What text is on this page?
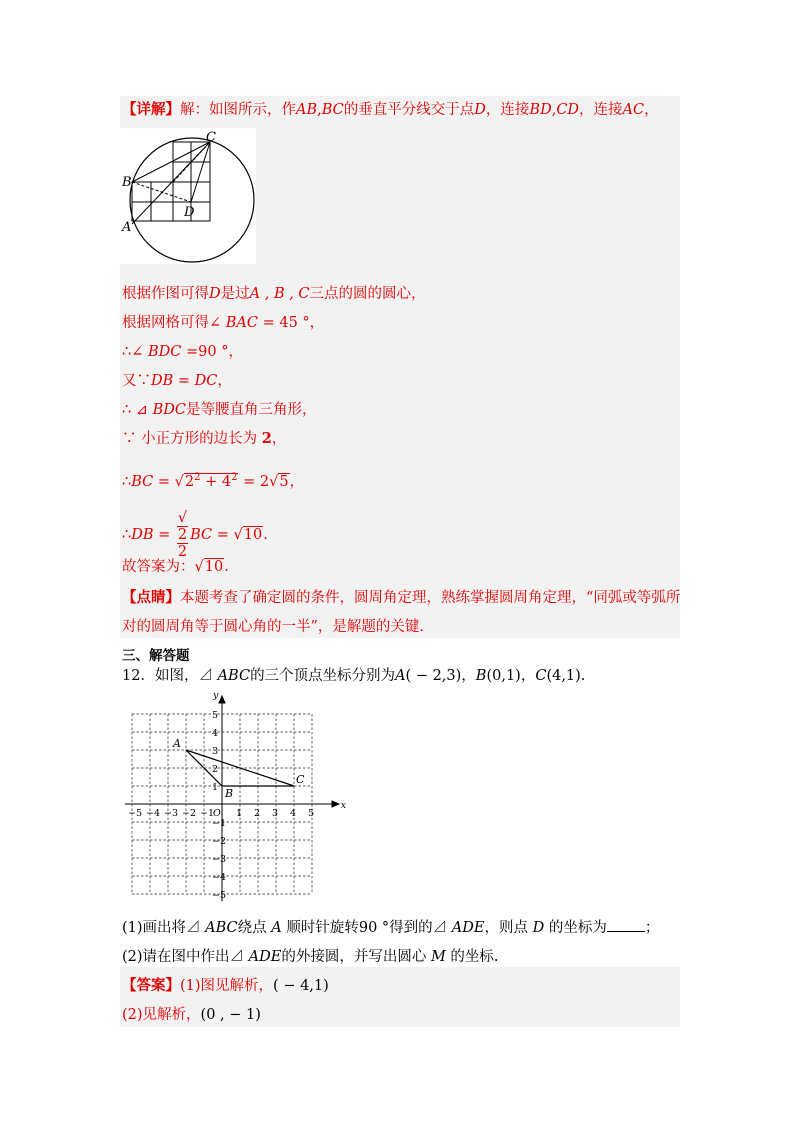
【详解】解：如图所示，作AB,BC的垂直平分线交于点D，连接BD,CD，连接AC，
C
B
A
D
根据作图可得D是过A , B , C三点的圆的圆心，
根据网格可得∠ BAC = 45 °，
∴∠ BDC =90 °，
又∵DB = DC，
∴ ⊿ BDC是等腰直角三角形，
∵ 小正方形的边长为 2，
∴BC = $√2^2 + 4^2 = 2√5$，
∴DB = √
2
2 BC = √10.
故答案为：√10.
【点睛】本题考查了确定圆的条件，圆周角定理，熟练掌握圆周角定理，“同弧或等弧所
对的圆周角等于圆心角的一半”，是解题的关键.
三、解答题
12．如图，⊿ ABC的三个顶点坐标分别为A( − 2,3)，B(0,1)，C(4,1).
x
y
O
−5 −4 −3 −2 −1 1 2 3 4 5
5
4
3
2
1
−1
−2
−3
−4
−5
A
B
C
(1)画出将⊿ ABC绕点 A 顺时针旋转90 °得到的⊿ ADE，则点 D 的坐标为	；
(2)请在图中作出⊿ ADE的外接圆，并写出圆心 M 的坐标.
【答案】(1)图见解析，( − 4,1)
(2)见解析，(0 , − 1)
